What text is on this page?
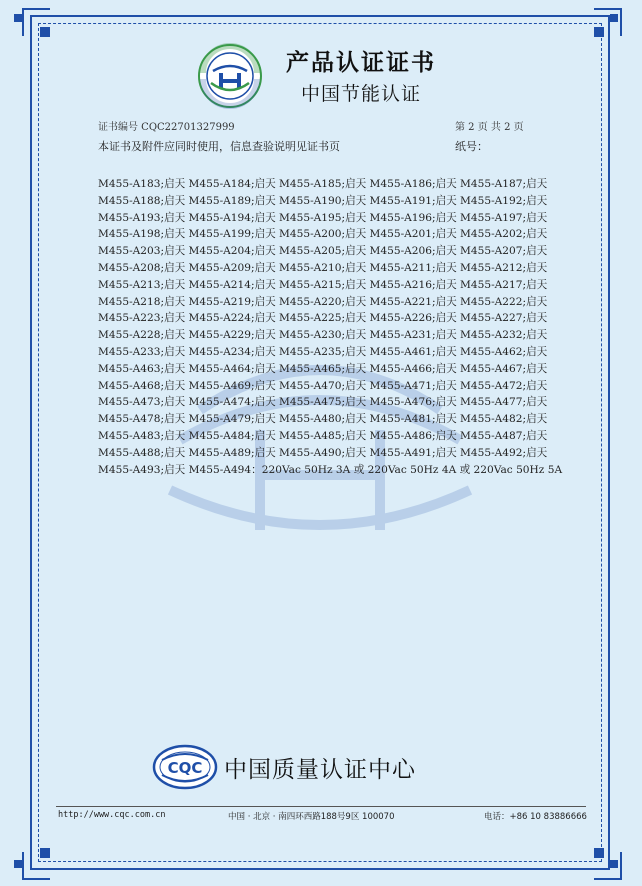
产品认证证书
中国节能认证
证书编号 CQC22701327999	第 2 页 共 2 页
本证书及附件应同时使用，信息查验说明见证书页	纸号：
M455-A183;启天 M455-A184;启天 M455-A185;启天 M455-A186;启天 M455-A187;启天
M455-A188;启天 M455-A189;启天 M455-A190;启天 M455-A191;启天 M455-A192;启天
M455-A193;启天 M455-A194;启天 M455-A195;启天 M455-A196;启天 M455-A197;启天
M455-A198;启天 M455-A199;启天 M455-A200;启天 M455-A201;启天 M455-A202;启天
M455-A203;启天 M455-A204;启天 M455-A205;启天 M455-A206;启天 M455-A207;启天
M455-A208;启天 M455-A209;启天 M455-A210;启天 M455-A211;启天 M455-A212;启天
M455-A213;启天 M455-A214;启天 M455-A215;启天 M455-A216;启天 M455-A217;启天
M455-A218;启天 M455-A219;启天 M455-A220;启天 M455-A221;启天 M455-A222;启天
M455-A223;启天 M455-A224;启天 M455-A225;启天 M455-A226;启天 M455-A227;启天
M455-A228;启天 M455-A229;启天 M455-A230;启天 M455-A231;启天 M455-A232;启天
M455-A233;启天 M455-A234;启天 M455-A235;启天 M455-A461;启天 M455-A462;启天
M455-A463;启天 M455-A464;启天 M455-A465;启天 M455-A466;启天 M455-A467;启天
M455-A468;启天 M455-A469;启天 M455-A470;启天 M455-A471;启天 M455-A472;启天
M455-A473;启天 M455-A474;启天 M455-A475;启天 M455-A476;启天 M455-A477;启天
M455-A478;启天 M455-A479;启天 M455-A480;启天 M455-A481;启天 M455-A482;启天
M455-A483;启天 M455-A484;启天 M455-A485;启天 M455-A486;启天 M455-A487;启天
M455-A488;启天 M455-A489;启天 M455-A490;启天 M455-A491;启天 M455-A492;启天
M455-A493;启天 M455-A494：220Vac 50Hz 3A 或 220Vac 50Hz 4A 或 220Vac 50Hz 5A
CQC 中国质量认证中心
http://www.cqc.com.cn	中国 · 北京 · 南四环西路188号9区 100070	电话：+86 10 83886666
